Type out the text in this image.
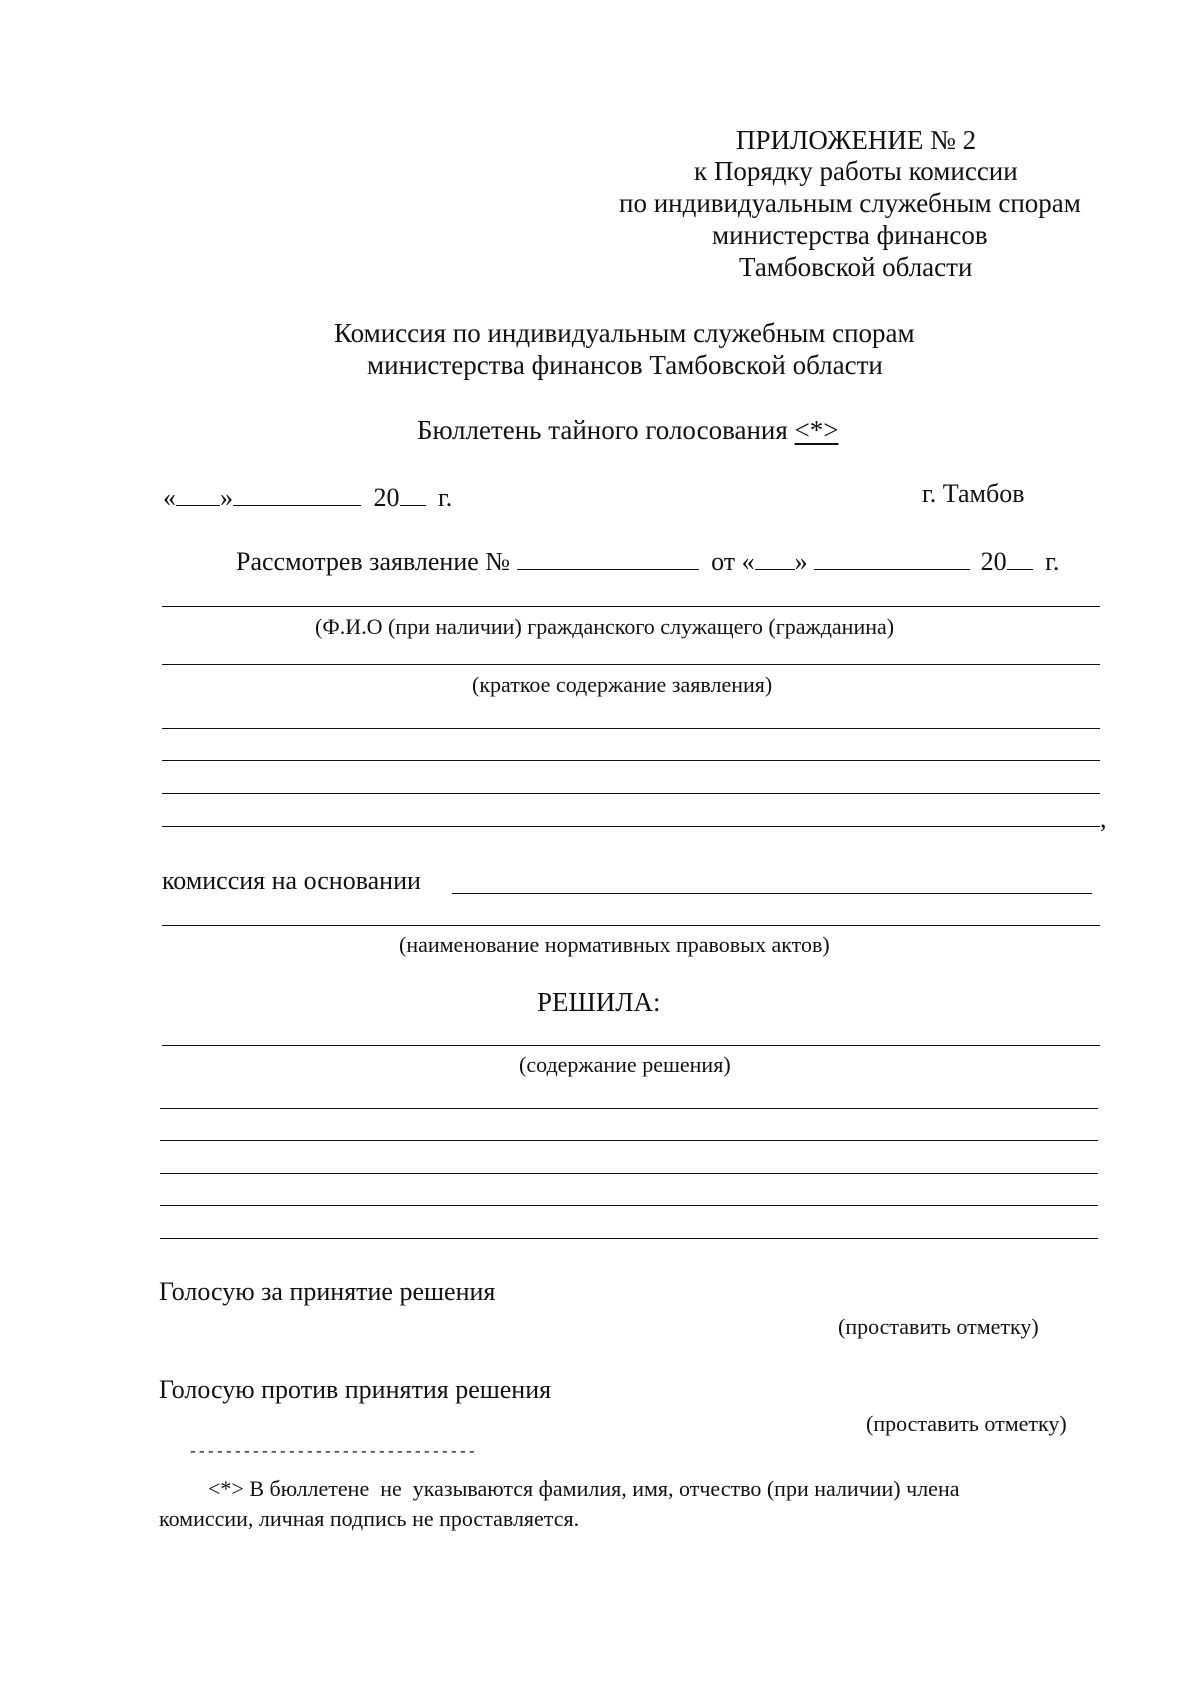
ПРИЛОЖЕНИЕ № 2
к Порядку работы комиссии
по индивидуальным служебным спорам
министерства финансов
Тамбовской области
Комиссия по индивидуальным служебным спорам
министерства финансов Тамбовской области
Бюллетень тайного голосования <*>
« »	20 г.	г. Тамбов
Рассмотрев заявление №	от « »	20 г.
(Ф.И.О (при наличии) гражданского служащего (гражданина)
(краткое содержание заявления)
,
комиссия на основании
(наименование нормативных правовых актов)
РЕШИЛА:
(содержание решения)
Голосую за принятие решения
(проставить отметку)
Голосую против принятия решения
(проставить отметку)
--------------------------------
<*> В бюллетене  не  указываются фамилия, имя, отчество (при наличии) члена
комиссии, личная подпись не проставляется.
